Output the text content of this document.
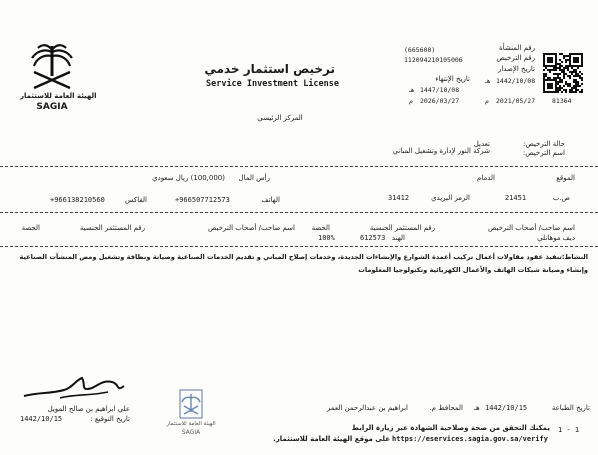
الهيئة العامة للاستثمار
SAGIA
ترخيص استثمار خدمي
Service Investment License
رقم المنشأة
رقم الترخيص
تاريخ الإصدار
تاريخ الإنتهاء
(665600)
112094210105006
1442/10/08
هـ
1447/10/08
هـ
2021/05/27
م
2026/03/27
م	81364
المركز الرئيسي
حالة الترخيص:
تعديل
اسم الترخيص:
شركة النور لإدارة وتشغيل المباني
الموقع
الدمام
ص.ب
21451
الرمز البريدي
31412
رأس المال
(100,000) ريال سعودي
الهاتف
+966507712573
الفاكس
+966138210560
اسم صاحب/ أصحاب الترخيص
رقم المستثمر الجنسية
الحصة
اسم صاحب/ أصحاب الترخيص
رقم المستثمر الجنسية
الحصة
ديف موهانلي
612573 الهند
100%
النشاط:تنفيذ عقود مقاولات أعمال تركيب أعمدة الشوارع والإنشاءات الجديدة، وخدمات إصلاح المباني و تقديم الخدمات الصناعية وصيانة ونظافة وتشغيل ومص المنشآت الصناعية
وإنشاء وصيانة شبكات الهاتف والأعمال الكهربائية وتكنولوجيا المعلومات
علي ابراهيم بن صالح المويل
تاريخ التوقيع :
1442/10/15
الهيئة العامة للاستثمار
SAGIA
تاريخ الطباعة
1442/10/15
هـ
المحافظ م.
ابراهيم بن عبدالرحمن العمر
1 - 1
يمكنك التحقق من صحة وصلاحية الشهادة عبر زيارة الرابط
https://eservices.sagia.gov.sa/verify
على موقع الهيئة العامة للاستثمار.
